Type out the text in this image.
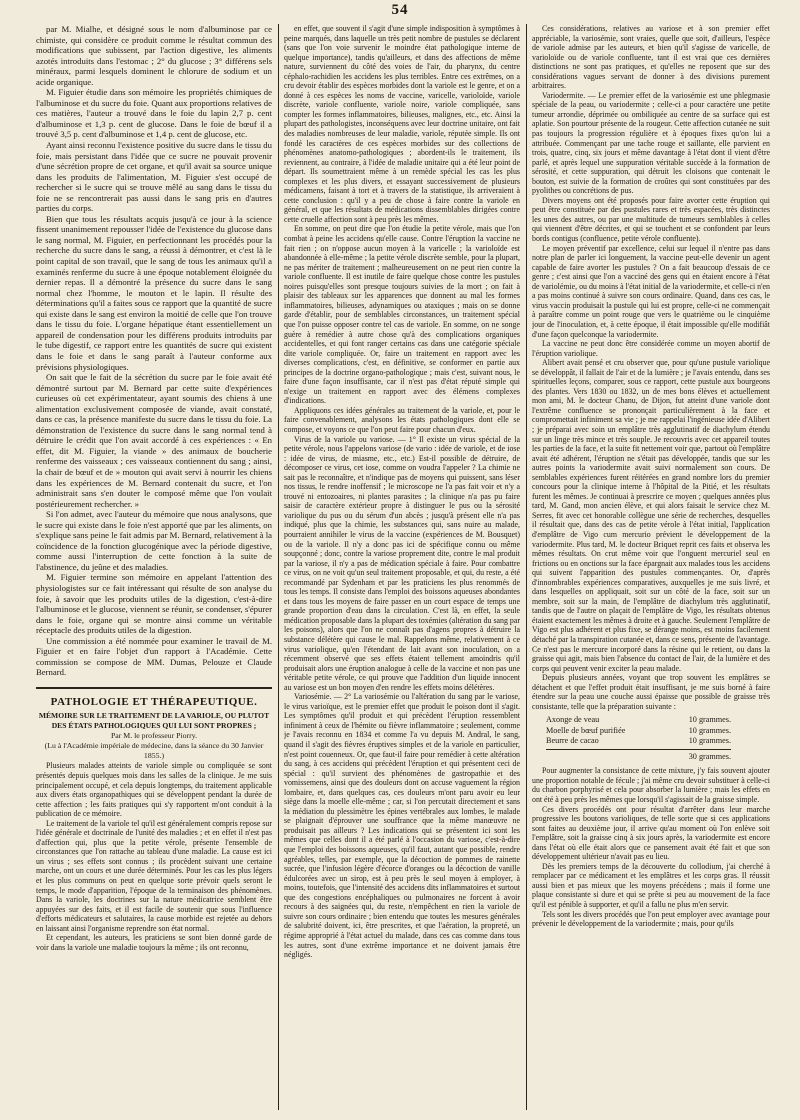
54

par M. Mialhe, et désigné sous le nom d'albuminose par ce chimiste, qui considère ce produit comme le résultat commun des modifications que subissent, par l'action digestive, les aliments azotés introduits dans l'estomac ; 2° du glucose ; 3° différens sels minéraux, parmi lesquels dominent le chlorure de sodium et un acide organique.

M. Figuier étudie dans son mémoire les propriétés chimiques de l'albuminose et du sucre du foie. Quant aux proportions relatives de ces matières, l'auteur a trouvé dans le foie du lapin 2,7 p. cent d'albuminose et 1,3 p. cent de glucose. Dans le foie de bœuf il a trouvé 3,5 p. cent d'albuminose et 1,4 p. cent de glucose, etc.

Ayant ainsi reconnu l'existence positive du sucre dans le tissu du foie, mais persistant dans l'idée que ce sucre ne pouvait provenir d'une sécrétion propre de cet organe, et qu'il avait sa source unique dans les produits de l'alimentation, M. Figuier s'est occupé de rechercher si le sucre qui se trouve mêlé au sang dans le tissu du foie ne se rencontrerait pas aussi dans le sang pris en d'autres parties du corps.

Bien que tous les résultats acquis jusqu'à ce jour à la science fissent unanimement repousser l'idée de l'existence du glucose dans le sang normal, M. Figuier, en perfectionnant les procédés pour la recherche du sucre dans le sang, a réussi à démontrer, et c'est là le point capital de son travail, que le sang de tous les animaux qu'il a examinés renferme du sucre à une époque notablement éloignée du dernier repas. Il a démontré la présence du sucre dans le sang normal chez l'homme, le mouton et le lapin. Il résulte des déterminations qu'il a faites sous ce rapport que la quantité de sucre qui existe dans le sang est environ la moitié de celle que l'on trouve dans le tissu du foie. L'organe hépatique étant essentiellement un appareil de condensation pour les différens produits introduits par le tube digestif, ce rapport entre les quantités de sucre qui existent dans le foie et dans le sang paraît à l'auteur conforme aux prévisions physiologiques.

On sait que le fait de la sécrétion du sucre par le foie avait été démontré surtout par M. Bernard par cette suite d'expériences curieuses où cet expérimentateur, ayant soumis des chiens à une alimentation exclusivement composée de viande, avait constaté, dans ce cas, la présence manifeste du sucre dans le tissu du foie. La démonstration de l'existence du sucre dans le sang normal tend à détruire le crédit que l'on avait accordé à ces expériences : « En effet, dit M. Figuier, la viande » des animaux de boucherie renferme des vaisseaux ; ces vaisseaux contiennent du sang ; ainsi, la chair de bœuf et de » mouton qui avait servi à nourrir les chiens dans les expériences de M. Bernard contenait du sucre, et l'on administrait sans s'en douter le composé même que l'on voulait postérieurement rechercher. »

Si l'on admet, avec l'auteur du mémoire que nous analysons, que le sucre qui existe dans le foie n'est apporté que par les aliments, on s'explique sans peine le fait admis par M. Bernard, relativement à la coïncidence de la fonction glucogénique avec la période digestive, comme aussi l'interruption de cette fonction à la suite de l'abstinence, du jeûne et des maladies.

M. Figuier termine son mémoire en appelant l'attention des physiologistes sur ce fait intéressant qui résulte de son analyse du foie, à savoir que les produits utiles de la digestion, c'est-à-dire l'albuminose et le glucose, viennent se réunir, se condenser, s'épurer dans le foie, organe qui se montre ainsi comme un véritable réceptacle des produits utiles de la digestion.

Une commission a été nommée pour examiner le travail de M. Figuier et en faire l'objet d'un rapport à l'Académie. Cette commission se compose de MM. Dumas, Pelouze et Claude Bernard.

PATHOLOGIE ET THÉRAPEUTIQUE.

MÉMOIRE SUR LE TRAITEMENT DE LA VARIOLE, OU PLUTOT DES ÉTATS PATHOLOGIQUES QUI LUI SONT PROPRES ;

Par M. le professeur Piorry.

(Lu à l'Académie impériale de médecine, dans la séance du 30 Janvier 1855.)

Plusieurs malades atteints de variole simple ou compliquée se sont présentés depuis quelques mois dans les salles de la clinique. Je me suis principalement occupé, et cela depuis longtemps, du traitement applicable aux divers états organopathiques qui se développent pendant la durée de cette affection ; les faits pratiques qui s'y rapportent m'ont conduit à la publication de ce mémoire.

Le traitement de la variole tel qu'il est généralement compris repose sur l'idée générale et doctrinale de l'unité des maladies ; et en effet il n'est pas d'affection qui, plus que la petite vérole, présente l'ensemble de circonstances que l'on rattache au tableau d'une maladie. La cause est ici un virus ; ses effets sont connus ; ils procèdent suivant une certaine marche, ont un cours et une durée déterminés. Pour les cas les plus légers et les plus communs on peut en quelque sorte prévoir quels seront le temps, le mode d'apparition, l'époque de la terminaison des phénomènes. Dans la variole, les doctrines sur la nature médicatrice semblent être appuyées sur des faits, et il est facile de soutenir que sous l'influence d'efforts médicateurs et salutaires, la cause morbide est rejetée au dehors en laissant ainsi l'organisme reprendre son état normal.

Et cependant, les auteurs, les praticiens se sont bien donné garde de voir dans la variole une maladie toujours la même ; ils ont reconnu,

en effet, que souvent il s'agit d'une simple indisposition à symptômes à peine marqués, dans laquelle un très petit nombre de pustules se déclarent (sans que l'on voie survenir le moindre état pathologique interne de quelque importance), tandis qu'ailleurs, et dans des affections de même nature, surviennent du côté des voies de l'air, du pharynx, du centre céphalo-rachidien les accidens les plus terribles. Entre ces extrêmes, on a cru devoir établir des espèces morbides dont la variole est le genre, et on a donné à ces espèces les noms de vaccine, varicelle, varioloïde, variole discrète, variole confluente, variole noire, variole compliquée, sans compter les formes inflammatoires, bilieuses, malignes, etc., etc. Ainsi la plupart des pathologistes, inconséquens avec leur doctrine unitaire, ont fait des maladies nombreuses de leur maladie, variole, réputée simple. Ils ont fondé les caractères de ces espèces morbides sur des collections de phénomènes anatomo-pathologiques ; abordent-ils le traitement, ils reviennent, au contraire, à l'idée de maladie unitaire qui a été leur point de départ. Ils soumettraient même à un remède spécial les cas les plus complexes et les plus divers, et essayant successivement de plusieurs médicamens, faisant à tort et à travers de la statistique, ils arriveraient à cette conclusion : qu'il y a peu de chose à faire contre la variole en général, et que les résultats de médications dissemblables dirigées contre cette cruelle affection sont à peu près les mêmes.

En somme, on peut dire que l'on étudie la petite vérole, mais que l'on combat à peine les accidens qu'elle cause. Contre l'éruption la vaccine ne fait rien ; on n'oppose aucun moyen à la varicelle ; la varioloïde est abandonnée à elle-même ; la petite vérole discrète semble, pour la plupart, ne pas mériter de traitement ; malheureusement on ne peut rien contre la variole confluente. Il est inutile de faire quelque chose contre les pustules noires puisqu'elles sont presque toujours suivies de la mort ; on fait à plaisir des tableaux sur les apparences que donnent au mal les formes inflammatoires, bilieuses, adynamiques ou ataxiques ; mais on se donne garde d'établir, pour de semblables circonstances, un traitement spécial que l'on puisse opposer contre tel cas de variole. En somme, on ne songe guère à remédier à autre chose qu'à des complications organiques accidentelles, et qui font ranger certains cas dans une catégorie spéciale dite variole compliquée. Or, faire un traitement en rapport avec les diverses complications, c'est, en définitive, se conformer en partie aux principes de la doctrine organo-pathologique ; mais c'est, suivant nous, le faire d'une façon insuffisante, car il n'est pas d'état réputé simple qui n'exige un traitement en rapport avec des élémens complexes d'indications.

Appliquons ces idées générales au traitement de la variole, et, pour le faire convenablement, analysons les états pathologiques dont elle se compose, et voyons ce que l'on peut faire pour chacun d'eux.

Virus de la variole ou variose. — 1° Il existe un virus spécial de la petite vérole, nous l'appelons variose (de vario : idée de variole, et de iose : idée de virus, de miasme, etc., etc.) Est-il possible de détruire, de décomposer ce virus, cet iose, comme on voudra l'appeler ? La chimie ne sait pas le reconnaître, et n'indique pas de moyens qui puissent, sans léser nos tissus, le rendre inoffensif ; le microscope ne l'a pas fait voir et n'y a trouvé ni entozoaires, ni plantes parasites ; la clinique n'a pas pu faire saisir de caractère extérieur propre à distinguer le pus ou la sérosité variolique du pus ou du sérum d'un abcès ; jusqu'à présent elle n'a pas indiqué, plus que la chimie, les substances qui, sans nuire au malade, pourraient annihiler le virus de la vaccine (expériences de M. Bousquet) ou de la variole. Il n'y a donc pas ici de spécifique connu ou même soupçonné ; donc, contre la variose proprement dite, contre le mal produit par la variose, il n'y a pas de médication spéciale à faire. Pour combattre ce virus, on ne voit qu'un seul traitement proposable, et qui, du reste, a été recommandé par Sydenham et par les praticiens les plus renommés de tous les temps. Il consiste dans l'emploi des boissons aqueuses abondantes et dans tous les moyens de faire passer en un court espace de temps une grande proportion d'eau dans la circulation. C'est là, en effet, la seule médication proposable dans la plupart des toxémies (altération du sang par les poisons), alors que l'on ne connaît pas d'agens propres à détruire la substance délétère qui cause le mal. Rappelons même, relativement à ce virus variolique, qu'en l'étendant de lait avant son inoculation, on a récemment observé que ses effets étaient tellement amoindris qu'il produisait alors une éruption analogue à celle de la vaccine et non pas une véritable petite vérole, ce qui prouve que l'addition d'un liquide innocent au variose est un bon moyen d'en rendre les effets moins délétères.

Variosémie. — 2° La variosémie ou l'altération du sang par le variose, le virus varioïque, est le premier effet que produit le poison dont il s'agit. Les symptômes qu'il produit et qui précèdent l'éruption ressemblent infiniment à ceux de l'hémite ou fièvre inflammatoire ; seulement, comme je l'avais reconnu en 1834 et comme l'a vu depuis M. Andral, le sang, quand il s'agit des fièvres éruptives simples et de la variole en particulier, n'est point couenneux. Or, que faut-il faire pour remédier à cette altération du sang, à ces accidens qui précèdent l'éruption et qui présentent ceci de spécial : qu'il survient des phénomènes de gastropathie et des vomissemens, ainsi que des douleurs dont on accuse vaguement la région lombaire, et, dans quelques cas, ces douleurs m'ont paru avoir eu leur siège dans la moelle elle-même ; car, si l'on percutait directement et sans la médiation du plessimètre les épines vertébrales aux lombes, le malade se plaignait d'éprouver une souffrance que la même manœuvre ne produisait pas ailleurs ? Les indications qui se présentent ici sont les mêmes que celles dont il a été parlé à l'occasion du variose, c'est-à-dire que l'emploi des boissons aqueuses, qu'il faut, autant que possible, rendre agréables, telles, par exemple, que la décoction de pommes de rainette sucrée, que l'infusion légère d'écorce d'oranges ou la décoction de vanille édulcorées avec un sirop, est à peu près le seul moyen à employer, à moins, toutefois, que l'intensité des accidens dits inflammatoires et surtout que des congestions encéphaliques ou pulmonaires ne forcent à avoir recours à des saignées qui, du reste, n'empêchent en rien la variole de suivre son cours ordinaire ; bien entendu que toutes les mesures générales de salubrité doivent, ici, être prescrites, et que l'aération, la propreté, un régime approprié à l'état actuel du malade, dans ces cas comme dans tous les autres, sont d'une extrême importance et ne doivent jamais être négligés.

Ces considérations, relatives au variose et à son premier effet appréciable, la variosémie, sont vraies, quelle que soit, d'ailleurs, l'espèce de variole admise par les auteurs, et bien qu'il s'agisse de varicelle, de varioloïde ou de variole confluente, tant il est vrai que ces dernières distinctions ne sont pas pratiques, et qu'elles ne reposent que sur des considérations vagues servant de donner à des divisions purement arbitraires.

Variodermite. — Le premier effet de la variosémie est une phlegmasie spéciale de la peau, ou variodermite ; celle-ci a pour caractère une petite tumeur arrondie, déprimée ou ombiliquée au centre de sa surface qui est aplatie. Son pourtour présente de la rougeur. Cette affection cutanée ne suit pas toujours la progression régulière et à époques fixes qu'on lui a attribuée. Commençant par une tache rouge et saillante, elle parvient en trois, quatre, cinq, six jours et même davantage à l'état dont il vient d'être parlé, et après lequel une suppuration véritable succède à la formation de sérosité, et cette suppuration, qui détruit les cloisons que contenait le bouton, est suivie de la formation de croûtes qui sont constituées par des pyolithes ou concrétions de pus.

Divers moyens ont été proposés pour faire avorter cette éruption qui peut être constituée par des pustules rares et très espacées, très distinctes les unes des autres, ou par une multitude de tumeurs semblables à celles qui viennent d'être décrites, et qui se touchent et se confondent par leurs bords contigus (confluence, petite vérole confluente).

Le moyen préventif par excellence, celui sur lequel il n'entre pas dans notre plan de parler ici longuement, la vaccine peut-elle devenir un agent capable de faire avorter les pustules ? On a fait beaucoup d'essais de ce genre ; c'est ainsi que l'on a vacciné des gens qui en étaient encore à l'état de variolémie, ou du moins à l'état initial de la variodermite, et celle-ci n'en a pas moins continué à suivre son cours ordinaire. Quand, dans ces cas, le virus vaccin produisait la pustule qui lui est propre, celle-ci ne commençait à paraître comme un point rouge que vers le quatrième ou le cinquième jour de l'inoculation, et, à cette époque, il était impossible qu'elle modifiât d'une façon quelconque la variodermite.

La vaccine ne peut donc être considérée comme un moyen abortif de l'éruption variolique.

Alibert avait pensé et cru observer que, pour qu'une pustule variolique se développât, il fallait de l'air et de la lumière ; je l'avais entendu, dans ses spirituelles leçons, comparer, sous ce rapport, cette pustule aux bourgeons des plantes. Vers 1830 ou 1832, un de mes bons élèves et actuellement mon ami, M. le docteur Chanu, de Dijon, fut atteint d'une variole dont l'extrême confluence se prononçait particulièrement à la face et compromettait infiniment sa vie ; je me rappelai l'ingénieuse idée d'Alibert ; je préparai avec soin un emplâtre très agglutinatif de diachylum étendu sur un linge très mince et très souple. Je recouvris avec cet appareil toutes les parties de la face, et la suite fit nettement voir que, partout où l'emplâtre avait été adhérent, l'éruption ne s'était pas développée, tandis que sur les autres points la variodermite avait suivi normalement son cours. De semblables expériences furent réitérées en grand nombre lors du premier concours pour la clinique interne à l'hôpital de la Pitié, et les résultats furent les mêmes. Je continuai à prescrire ce moyen ; quelques années plus tard, M. Gand, mon ancien élève, et qui alors faisait le service chez M. Serres, fit avec cet honorable collègue une série de recherches, desquelles il résultait que, dans des cas de petite vérole à l'état initial, l'application d'emplâtre de Vigo cum mercurio prévient le développement de la variodermite. Plus tard, M. le docteur Briquet reprit ces faits et observa les mêmes résultats. On crut même voir que l'onguent mercuriel seul en frictions ou en onctions sur la face épargnait aux malades tous les accidens qui suivent l'apparition des pustules commençantes. Or, d'après d'innombrables expériences comparatives, auxquelles je me suis livré, et dans lesquelles on appliquait, soit sur un côté de la face, soit sur un membre, soit sur la main, de l'emplâtre de diachylum très agglutinatif, tandis que de l'autre on plaçait de l'emplâtre de Vigo, les résultats obtenus étaient exactement les mêmes à droite et à gauche. Seulement l'emplâtre de Vigo est plus adhérent et plus fixe, se dérange moins, est moins facilement détaché par la transpiration cutanée et, dans ce sens, présente de l'avantage. Ce n'est pas le mercure incorporé dans la résine qui le retient, ou dans la graisse qui agit, mais bien l'absence du contact de l'air, de la lumière et des corps qui peuvent venir exciter la peau malade.

Depuis plusieurs années, voyant que trop souvent les emplâtres se détachent et que l'effet produit était insuffisant, je me suis borné à faire étendre sur la peau une couche aussi épaisse que possible de graisse très consistante, telle que la préparation suivante :

Axonge de veau	10 grammes.
Moelle de bœuf purifiée	10 grammes.
Beurre de cacao	10 grammes.
30 grammes.

Pour augmenter la consistance de cette mixture, j'y fais souvent ajouter une proportion notable de fécule ; j'ai même cru devoir substituer à celle-ci du charbon porphyrisé et cela pour absorber la lumière ; mais les effets en ont été à peu près les mêmes que lorsqu'il s'agissait de la graisse simple.

Ces divers procédés ont pour résultat d'arrêter dans leur marche progressive les boutons varioliques, de telle sorte que si ces applications sont faites au deuxième jour, il arrive qu'au moment où l'on enlève soit l'emplâtre, soit la graisse cinq à six jours après, la variodermite est encore dans l'état où elle était alors que ce pansement avait été fait et que son développement ultérieur n'avait pas eu lieu.

Dès les premiers temps de la découverte du collodium, j'ai cherché à remplacer par ce médicament et les emplâtres et les corps gras. Il réussit aussi bien et pas mieux que les moyens précédens ; mais il forme une plaque consistante si dure et qui se prête si peu au mouvement de la face qu'il est pénible à supporter, et qu'il a fallu ne plus m'en servir.

Tels sont les divers procédés que l'on peut employer avec avantage pour prévenir le développement de la variodermite ; mais, pour qu'ils
